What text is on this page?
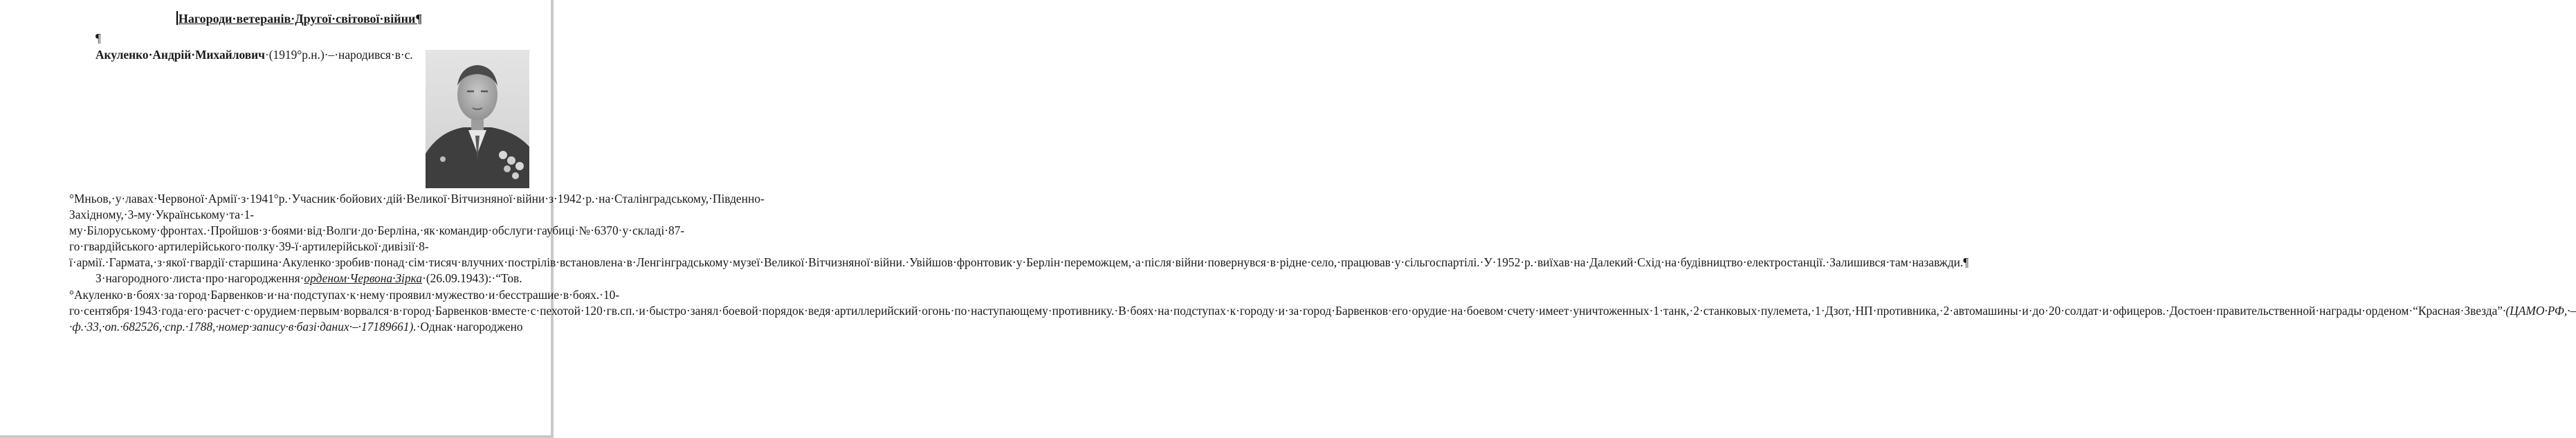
Нагороди·ветеранів·Другої·світової·війни¶

¶

Акуленко·Андрій·Михайлович·(1919°р.н.)·–·народився·в·с.°Мньов,·у·лавах·Червоної·Армії·з·1941°р.·Учасник·бойових·дій·Великої·Вітчизняної·війни·з·1942·р.·на·Сталінградському,·Південно-Західному,·3-му·Українському·та·1-му·Білоруському·фронтах.·Пройшов·з·боями·від·Волги·до·Берліна,·як·командир·обслуги·гаубиці·№·6370·у·складі·87-го·гвардійського·артилерійського·полку·39-ї·артилерійської·дивізії·8-ї·армії.·Гармата,·з·якої·гвардії·старшина·Акуленко·зробив·понад·сім·тисяч·влучних·пострілів·встановлена·в·Ленгінградському·музеї·Великої·Вітчизняної·війни.·Увійшов·фронтовик·у·Берлін·переможцем,·а·після·війни·повернувся·в·рідне·село,·працював·у·сільгоспартілі.·У·1952·р.·виїхав·на·Далекий·Схід·на·будівництво·електростанції.·Залишився·там·назавжди.¶

З·нагородного·листа·про·нагородження·орденом·Червона·Зірка·(26.09.1943):·“Тов.°Акуленко·в·боях·за·город·Барвенков·и·на·подступах·к·нему·проявил·мужество·и·бесстрашие·в·боях.·10-го·сентября·1943·года·его·расчет·с·орудием·первым·ворвался·в·город·Барвенков·вместе·с·пехотой·120·гв.сп.·и·быстро·занял·боевой·порядок·ведя·артиллерийский·огонь·по·наступающему·противнику.·В·боях·на·подступах·к·городу·и·за·город·Барвенков·его·орудие·на·боевом·счету·имеет·уничтоженных·1·танк,·2·станковых·пулемета,·1·Дзот,·НП·противника,·2·автомашины·и·до·20·солдат·и·офицеров.·Достоен·правительственной·награды·орденом·“Красная·Звезда”·(ЦАМО·РФ,·–·ф.·33,·оп.·682526,·спр.·1788,·номер·запису·в·базі·даних·–·17189661).·Однак·нагороджено
